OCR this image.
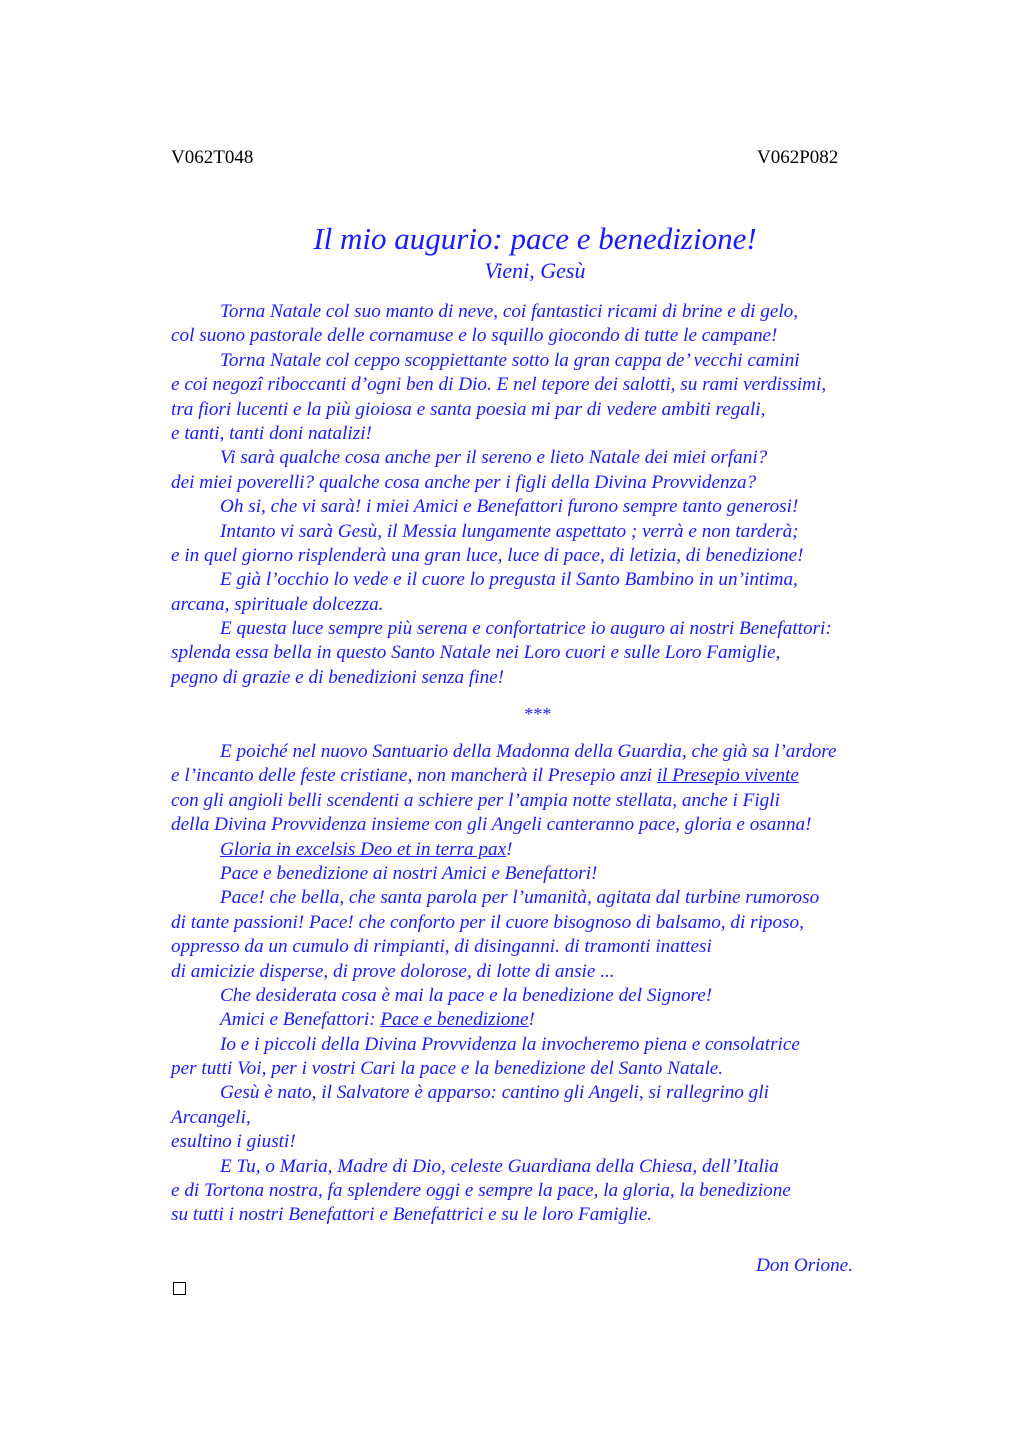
V062T048	V062P082
Il mio augurio: pace e benedizione!
Vieni, Gesù
Torna Natale col suo manto di neve, coi fantastici ricami di brine e di gelo,
col suono pastorale delle cornamuse e lo squillo giocondo di tutte le campane!
Torna Natale col ceppo scoppiettante sotto la gran cappa de’ vecchi camini
e coi negozî riboccanti d’ogni ben di Dio. E nel tepore dei salotti, su rami verdissimi,
tra fiori lucenti e la più gioiosa e santa poesia mi par di vedere ambiti regali,
e tanti, tanti doni natalizi!
Vi sarà qualche cosa anche per il sereno e lieto Natale dei miei orfani?
dei miei poverelli? qualche cosa anche per i figli della Divina Provvidenza?
Oh si, che vi sarà! i miei Amici e Benefattori furono sempre tanto generosi!
Intanto vi sarà Gesù, il Messia lungamente aspettato ; verrà e non tarderà;
e in quel giorno risplenderà una gran luce, luce di pace, di letizia, di benedizione!
E già l’occhio lo vede e il cuore lo pregusta il Santo Bambino in un’intima,
arcana, spirituale dolcezza.
E questa luce sempre più serena e confortatrice io auguro ai nostri Benefattori:
splenda essa bella in questo Santo Natale nei Loro cuori e sulle Loro Famiglie,
pegno di grazie e di benedizioni senza fine!
***
E poiché nel nuovo Santuario della Madonna della Guardia, che già sa l’ardore
e l’incanto delle feste cristiane, non mancherà il Presepio anzi il Presepio vivente
con gli angioli belli scendenti a schiere per l’ampia notte stellata, anche i Figli
della Divina Provvidenza insieme con gli Angeli canteranno pace, gloria e osanna!
Gloria in excelsis Deo et in terra pax!
Pace e benedizione ai nostri Amici e Benefattori!
Pace! che bella, che santa parola per l’umanità, agitata dal turbine rumoroso
di tante passioni! Pace! che conforto per il cuore bisognoso di balsamo, di riposo,
oppresso da un cumulo di rimpianti, di disinganni. di tramonti inattesi
di amicizie disperse, di prove dolorose, di lotte di ansie ...
Che desiderata cosa è mai la pace e la benedizione del Signore!
Amici e Benefattori: Pace e benedizione!
Io e i piccoli della Divina Provvidenza la invocheremo piena e consolatrice
per tutti Voi, per i vostri Cari la pace e la benedizione del Santo Natale.
Gesù è nato, il Salvatore è apparso: cantino gli Angeli, si rallegrino gli
Arcangeli,
esultino i giusti!
E Tu, o Maria, Madre di Dio, celeste Guardiana della Chiesa, dell’Italia
e di Tortona nostra, fa splendere oggi e sempre la pace, la gloria, la benedizione
su tutti i nostri Benefattori e Benefattrici e su le loro Famiglie.
Don Orione.
